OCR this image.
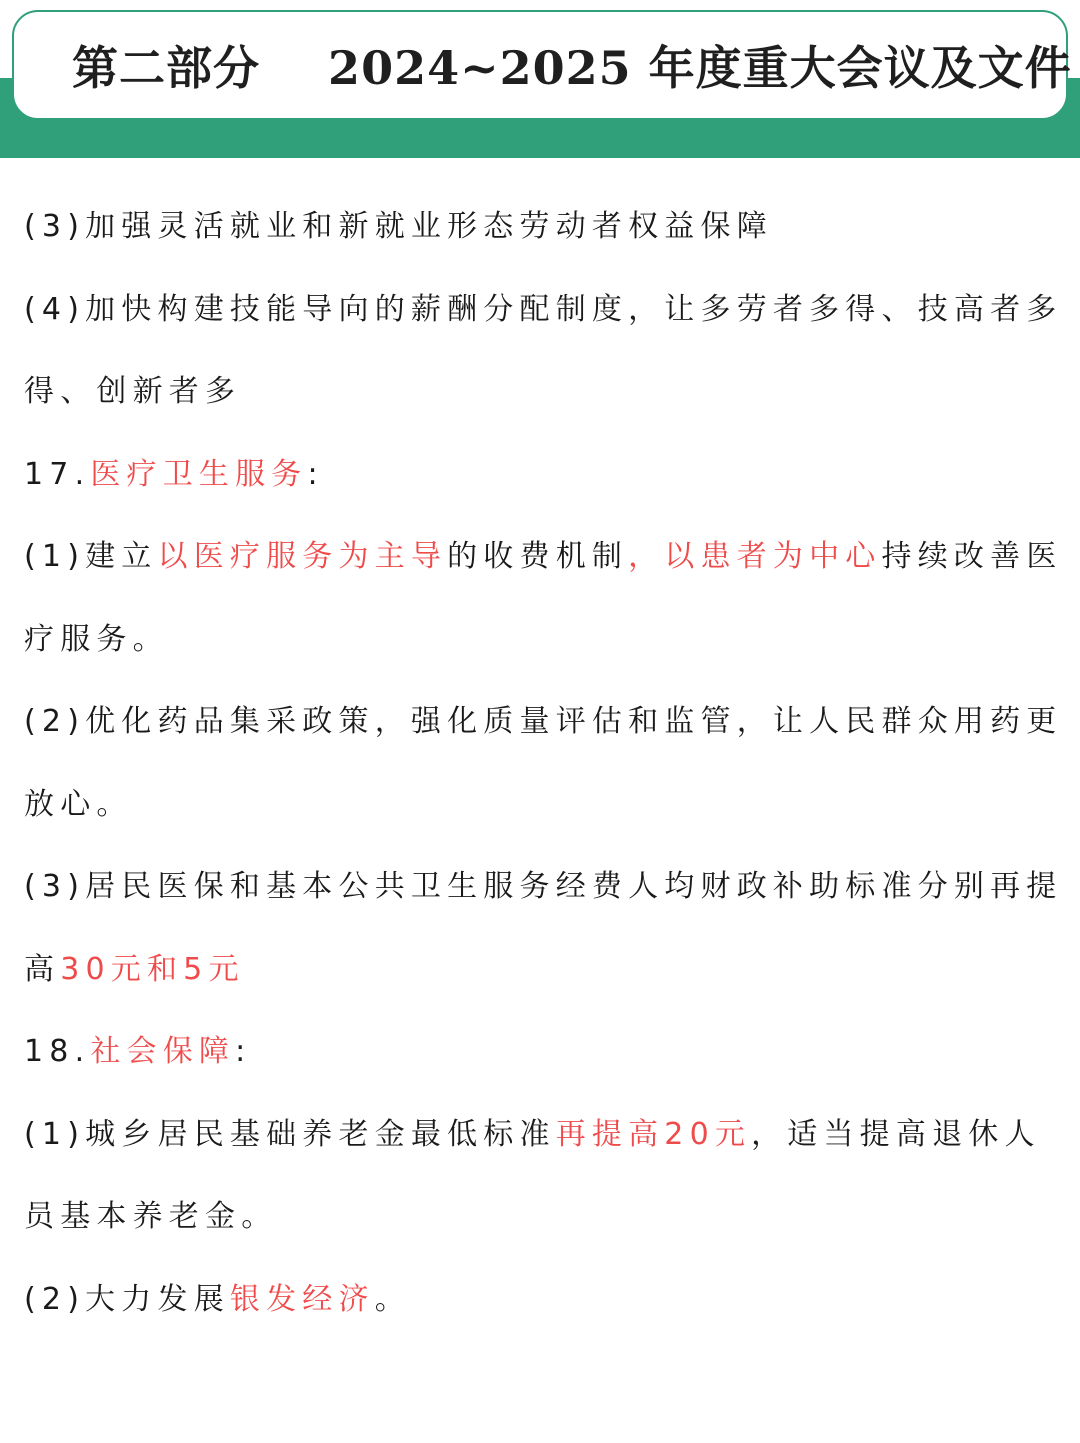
第二部分    2024~2025 年度重大会议及文件
(3)加强灵活就业和新就业形态劳动者权益保障
(4)加快构建技能导向的薪酬分配制度，让多劳者多得、技高者多
得、创新者多
17.医疗卫生服务:
(1)建立以医疗服务为主导的收费机制，以患者为中心持续改善医
疗服务。
(2)优化药品集采政策，强化质量评估和监管，让人民群众用药更
放心。
(3)居民医保和基本公共卫生服务经费人均财政补助标准分别再提
高30元和5元
18.社会保障:
(1)城乡居民基础养老金最低标准再提高20元，适当提高退休人
员基本养老金。
(2)大力发展银发经济。
